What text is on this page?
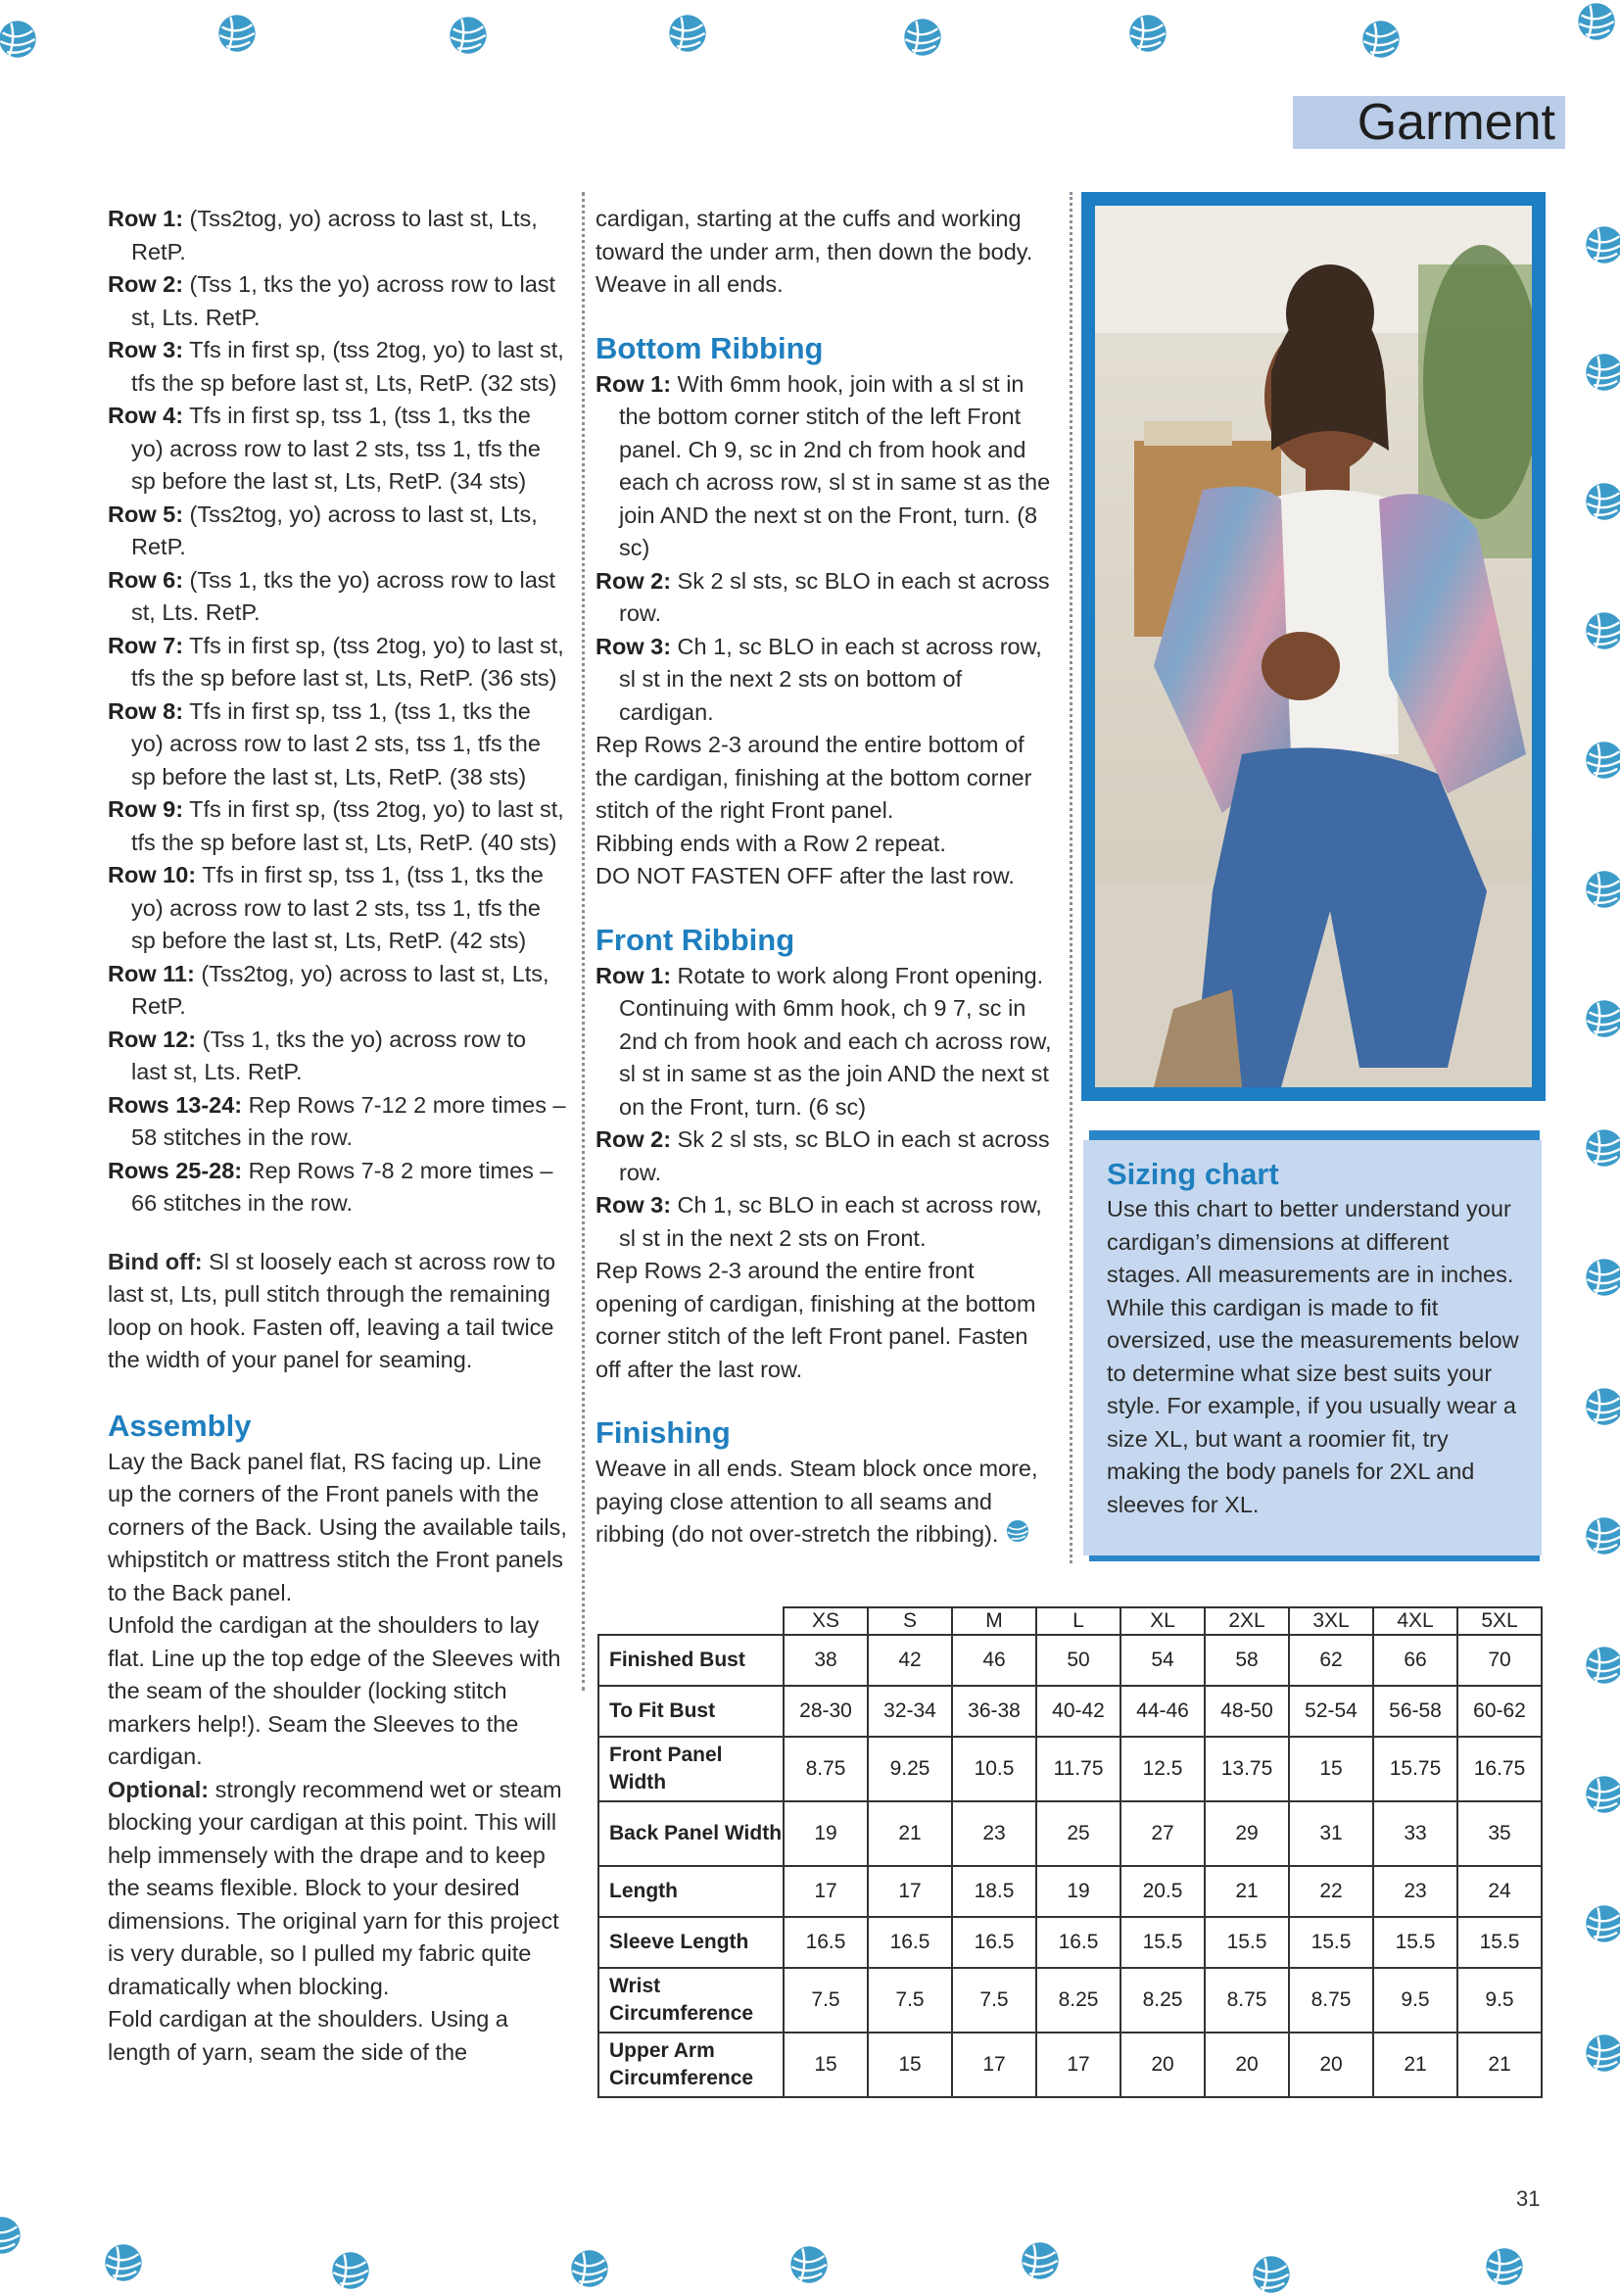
Garment

Row 1: (Tss2tog, yo) across to last st, Lts, RetP.

Row 2: (Tss 1, tks the yo) across row to last st, Lts. RetP.

Row 3: Tfs in first sp, (tss 2tog, yo) to last st, tfs the sp before last st, Lts, RetP. (32 sts)

Row 4: Tfs in first sp, tss 1, (tss 1, tks the yo) across row to last 2 sts, tss 1, tfs the sp before the last st, Lts, RetP. (34 sts)

Row 5: (Tss2tog, yo) across to last st, Lts, RetP.

Row 6: (Tss 1, tks the yo) across row to last st, Lts. RetP.

Row 7: Tfs in first sp, (tss 2tog, yo) to last st, tfs the sp before last st, Lts, RetP. (36 sts)

Row 8: Tfs in first sp, tss 1, (tss 1, tks the yo) across row to last 2 sts, tss 1, tfs the sp before the last st, Lts, RetP. (38 sts)

Row 9: Tfs in first sp, (tss 2tog, yo) to last st, tfs the sp before last st, Lts, RetP. (40 sts)

Row 10: Tfs in first sp, tss 1, (tss 1, tks the yo) across row to last 2 sts, tss 1, tfs the sp before the last st, Lts, RetP. (42 sts)

Row 11: (Tss2tog, yo) across to last st, Lts, RetP.

Row 12: (Tss 1, tks the yo) across row to last st, Lts. RetP.

Rows 13-24: Rep Rows 7-12 2 more times – 58 stitches in the row.

Rows 25-28: Rep Rows 7-8 2 more times – 66 stitches in the row.

Bind off: Sl st loosely each st across row to last st, Lts, pull stitch through the remaining loop on hook. Fasten off, leaving a tail twice the width of your panel for seaming.

Assembly

Lay the Back panel flat, RS facing up. Line up the corners of the Front panels with the corners of the Back. Using the available tails, whipstitch or mattress stitch the Front panels to the Back panel.

Unfold the cardigan at the shoulders to lay flat. Line up the top edge of the Sleeves with the seam of the shoulder (locking stitch markers help!). Seam the Sleeves to the cardigan.

Optional: strongly recommend wet or steam blocking your cardigan at this point. This will help immensely with the drape and to keep the seams flexible. Block to your desired dimensions. The original yarn for this project is very durable, so I pulled my fabric quite dramatically when blocking.

Fold cardigan at the shoulders. Using a length of yarn, seam the side of the

cardigan, starting at the cuffs and working toward the under arm, then down the body. Weave in all ends.

Bottom Ribbing

Row 1: With 6mm hook, join with a sl st in the bottom corner stitch of the left Front panel. Ch 9, sc in 2nd ch from hook and each ch across row, sl st in same st as the join AND the next st on the Front, turn. (8 sc)

Row 2: Sk 2 sl sts, sc BLO in each st across row.

Row 3: Ch 1, sc BLO in each st across row, sl st in the next 2 sts on bottom of cardigan.

Rep Rows 2-3 around the entire bottom of the cardigan, finishing at the bottom corner stitch of the right Front panel.

Ribbing ends with a Row 2 repeat.

DO NOT FASTEN OFF after the last row.

Front Ribbing

Row 1: Rotate to work along Front opening. Continuing with 6mm hook, ch 9 7, sc in 2nd ch from hook and each ch across row, sl st in same st as the join AND the next st on the Front, turn. (6 sc)

Row 2: Sk 2 sl sts, sc BLO in each st across row.

Row 3: Ch 1, sc BLO in each st across row, sl st in the next 2 sts on Front.

Rep Rows 2-3 around the entire front opening of cardigan, finishing at the bottom corner stitch of the left Front panel. Fasten off after the last row.

Finishing

Weave in all ends. Steam block once more, paying close attention to all seams and ribbing (do not over-stretch the ribbing).

Sizing chart

Use this chart to better understand your cardigan’s dimensions at different stages. All measurements are in inches. While this cardigan is made to fit oversized, use the measurements below to determine what size best suits your style. For example, if you usually wear a size XL, but want a roomier fit, try making the body panels for 2XL and sleeves for XL.

	XS	S	M	L	XL	2XL	3XL	4XL	5XL
Finished Bust	38	42	46	50	54	58	62	66	70
To Fit Bust	28-30	32-34	36-38	40-42	44-46	48-50	52-54	56-58	60-62
Front Panel Width	8.75	9.25	10.5	11.75	12.5	13.75	15	15.75	16.75
Back Panel Width	19	21	23	25	27	29	31	33	35
Length	17	17	18.5	19	20.5	21	22	23	24
Sleeve Length	16.5	16.5	16.5	16.5	15.5	15.5	15.5	15.5	15.5
Wrist Circumference	7.5	7.5	7.5	8.25	8.25	8.75	8.75	9.5	9.5
Upper Arm Circumference	15	15	17	17	20	20	20	21	21
31
